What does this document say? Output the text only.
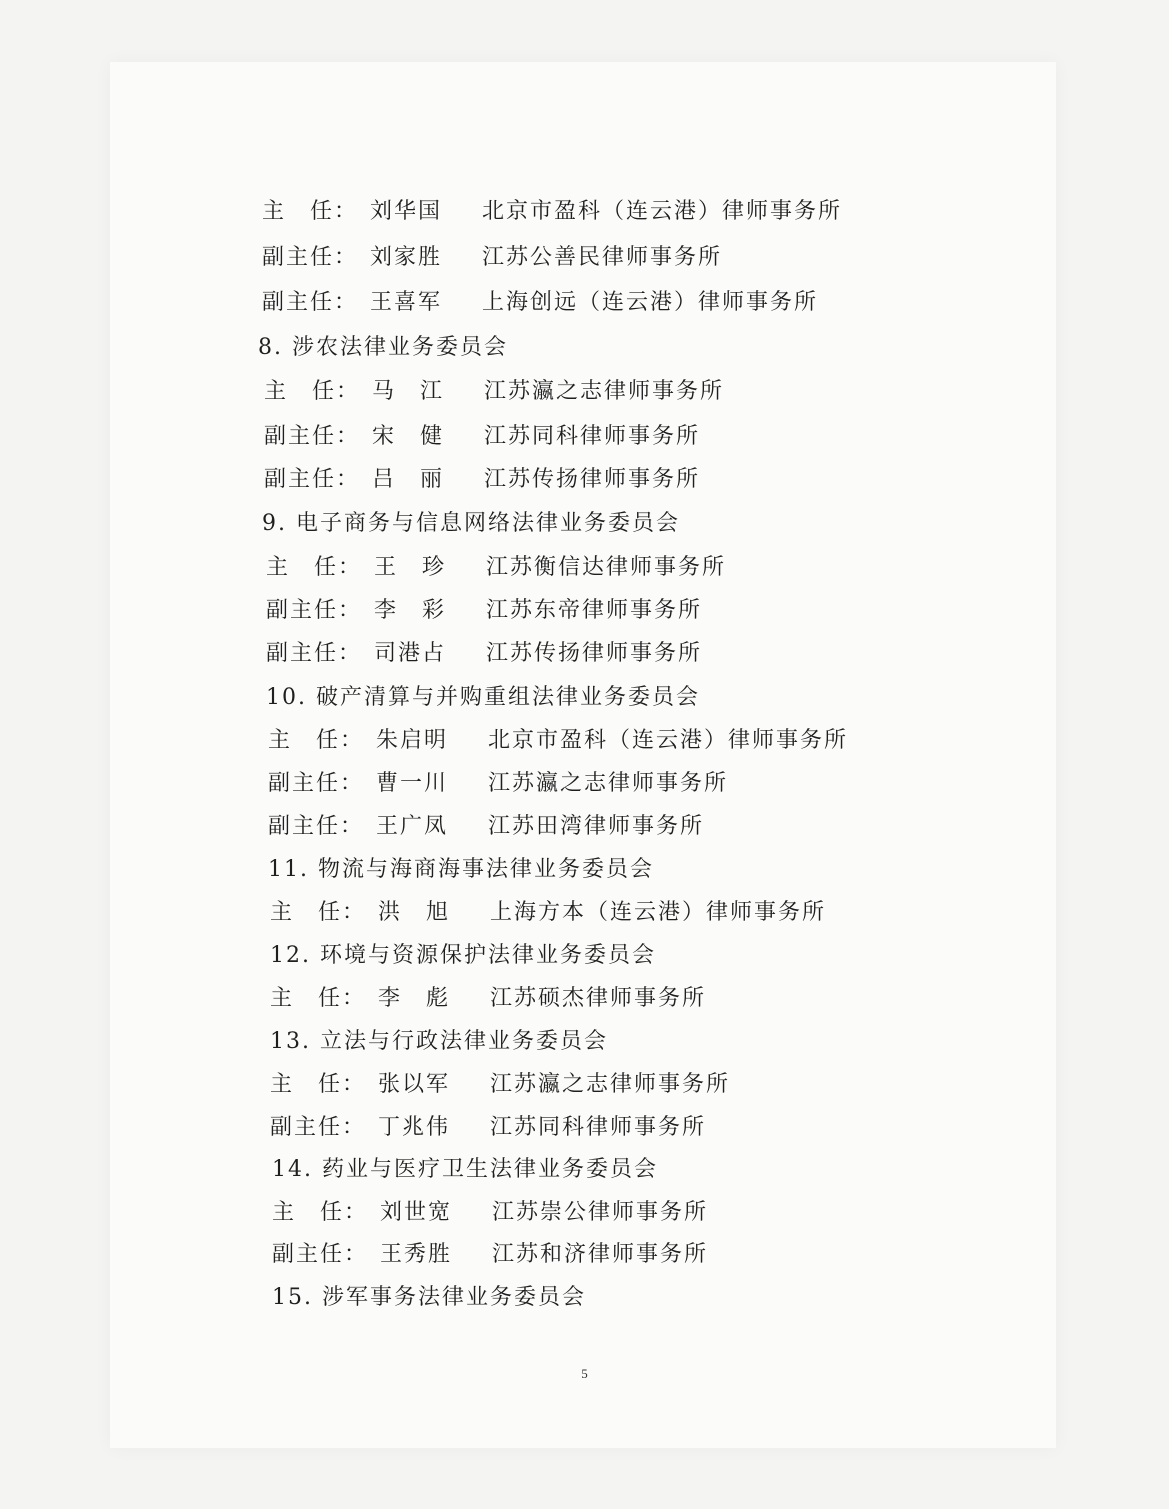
主　任： 刘华国 北京市盈科（连云港）律师事务所
副主任： 刘家胜 江苏公善民律师事务所
副主任： 王喜军 上海创远（连云港）律师事务所
8. 涉农法律业务委员会
主　任： 马　江 江苏瀛之志律师事务所
副主任： 宋　健 江苏同科律师事务所
副主任： 吕　丽 江苏传扬律师事务所
9. 电子商务与信息网络法律业务委员会
主　任： 王　珍 江苏衡信达律师事务所
副主任： 李　彩 江苏东帝律师事务所
副主任： 司港占 江苏传扬律师事务所
10. 破产清算与并购重组法律业务委员会
主　任： 朱启明 北京市盈科（连云港）律师事务所
副主任： 曹一川 江苏瀛之志律师事务所
副主任： 王广凤 江苏田湾律师事务所
11. 物流与海商海事法律业务委员会
主　任： 洪　旭 上海方本（连云港）律师事务所
12. 环境与资源保护法律业务委员会
主　任： 李　彪 江苏硕杰律师事务所
13. 立法与行政法律业务委员会
主　任： 张以军 江苏瀛之志律师事务所
副主任： 丁兆伟 江苏同科律师事务所
14. 药业与医疗卫生法律业务委员会
主　任： 刘世宽 江苏崇公律师事务所
副主任： 王秀胜 江苏和济律师事务所
15. 涉军事务法律业务委员会
5
